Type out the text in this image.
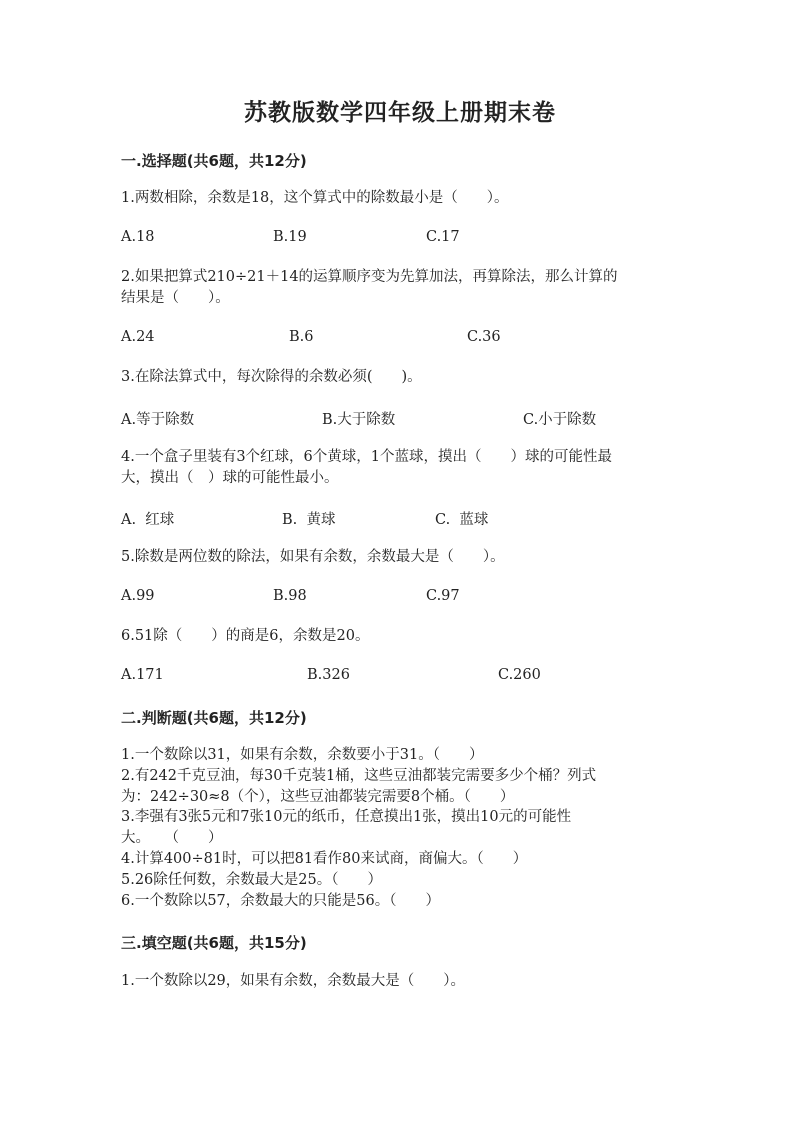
苏教版数学四年级上册期末卷
一.选择题(共6题，共12分)
1.两数相除，余数是18，这个算式中的除数最小是（　　）。
A.18	B.19	C.17
2.如果把算式210÷21＋14的运算顺序变为先算加法，再算除法，那么计算的
结果是（　　）。
A.24	B.6	C.36
3.在除法算式中，每次除得的余数必须(　　)。
A.等于除数	B.大于除数	C.小于除数
4.一个盒子里装有3个红球，6个黄球，1个蓝球，摸出（　　）球的可能性最
大，摸出（　）球的可能性最小。
A.  红球	B.  黄球	C.  蓝球
5.除数是两位数的除法，如果有余数，余数最大是（　　）。
A.99	B.98	C.97
6.51除（　　）的商是6，余数是20。
A.171	B.326	C.260
二.判断题(共6题，共12分)
1.一个数除以31，如果有余数，余数要小于31。（　　）
2.有242千克豆油，每30千克装1桶，这些豆油都装完需要多少个桶？列式
为：242÷30≈8（个），这些豆油都装完需要8个桶。（　　）
3.李强有3张5元和7张10元的纸币，任意摸出1张，摸出10元的可能性
大。　　（　　）
4.计算400÷81时，可以把81看作80来试商，商偏大。（　　）
5.26除任何数，余数最大是25。（　　）
6.一个数除以57，余数最大的只能是56。（　　）
三.填空题(共6题，共15分)
1.一个数除以29，如果有余数，余数最大是（　　）。
